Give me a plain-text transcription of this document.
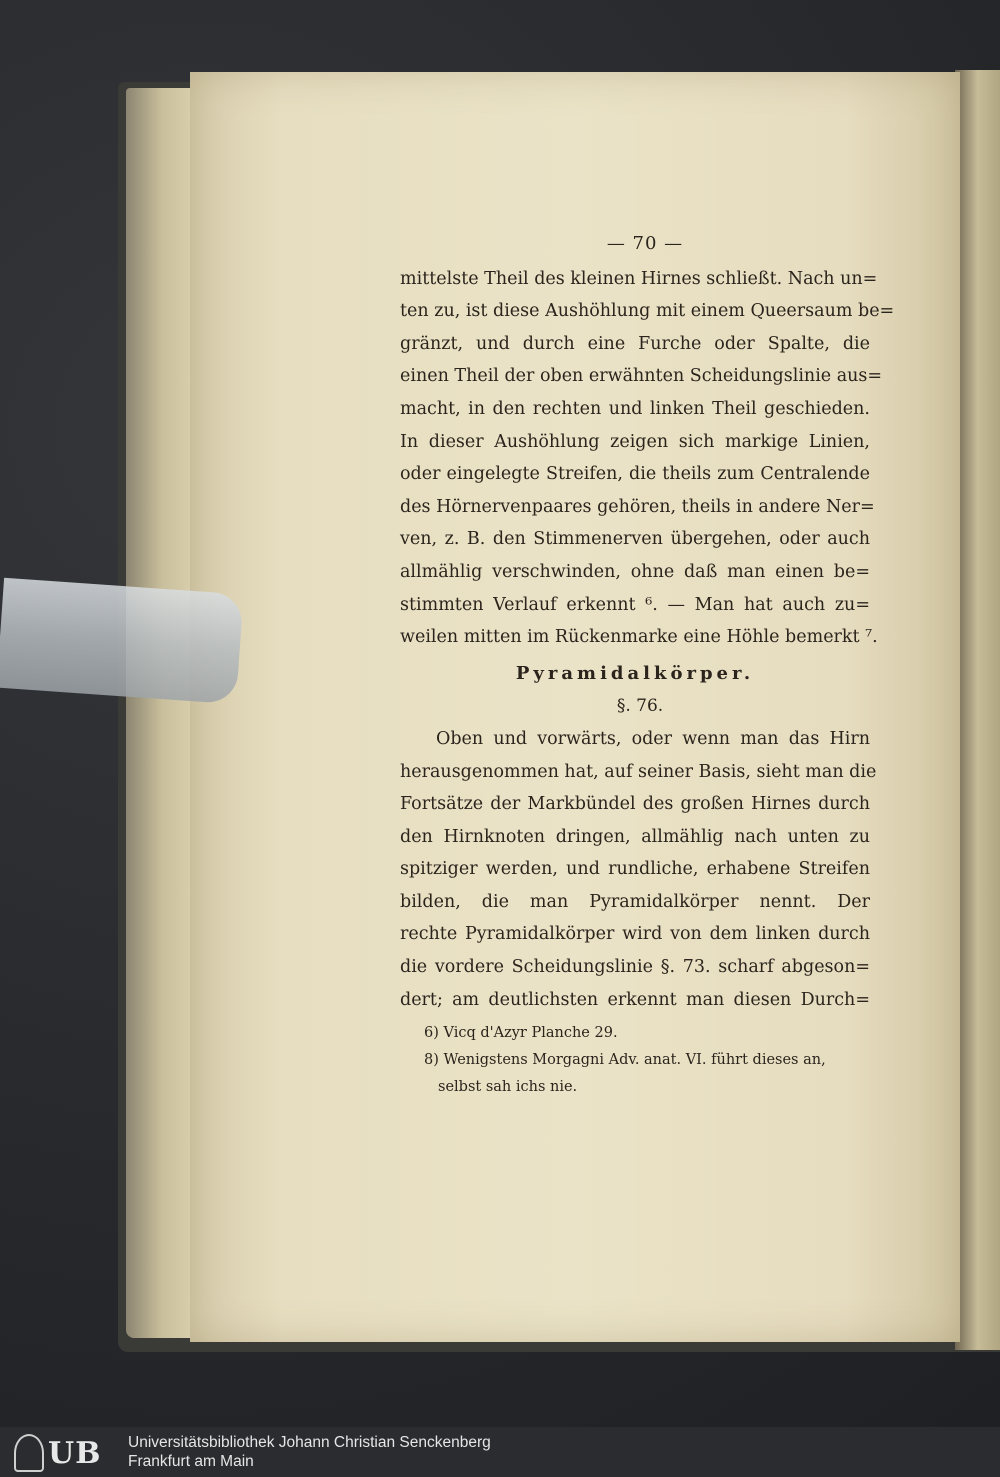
— 70 —
mittelste Theil des kleinen Hirnes schließt. Nach un=
ten zu, ist diese Aushöhlung mit einem Queersaum be=
gränzt, und durch eine Furche oder Spalte, die
einen Theil der oben erwähnten Scheidungslinie aus=
macht, in den rechten und linken Theil geschieden.
In dieser Aushöhlung zeigen sich markige Linien,
oder eingelegte Streifen, die theils zum Centralende
des Hörnervenpaares gehören, theils in andere Ner=
ven, z. B. den Stimmenerven übergehen, oder auch
allmählig verschwinden, ohne daß man einen be=
stimmten Verlauf erkennt ⁶. — Man hat auch zu=
weilen mitten im Rückenmarke eine Höhle bemerkt ⁷.
Pyramidalkörper.
§. 76.
Oben und vorwärts, oder wenn man das Hirn
herausgenommen hat, auf seiner Basis, sieht man die
Fortsätze der Markbündel des großen Hirnes durch
den Hirnknoten dringen, allmählig nach unten zu
spitziger werden, und rundliche, erhabene Streifen
bilden, die man Pyramidalkörper nennt. Der
rechte Pyramidalkörper wird von dem linken durch
die vordere Scheidungslinie §. 73. scharf abgeson=
dert; am deutlichsten erkennt man diesen Durch=
6) Vicq d'Azyr Planche 29.
8) Wenigstens Morgagni Adv. anat. VI. führt dieses an,
selbst sah ichs nie.
UB Universitätsbibliothek Johann Christian Senckenberg
Frankfurt am Main
